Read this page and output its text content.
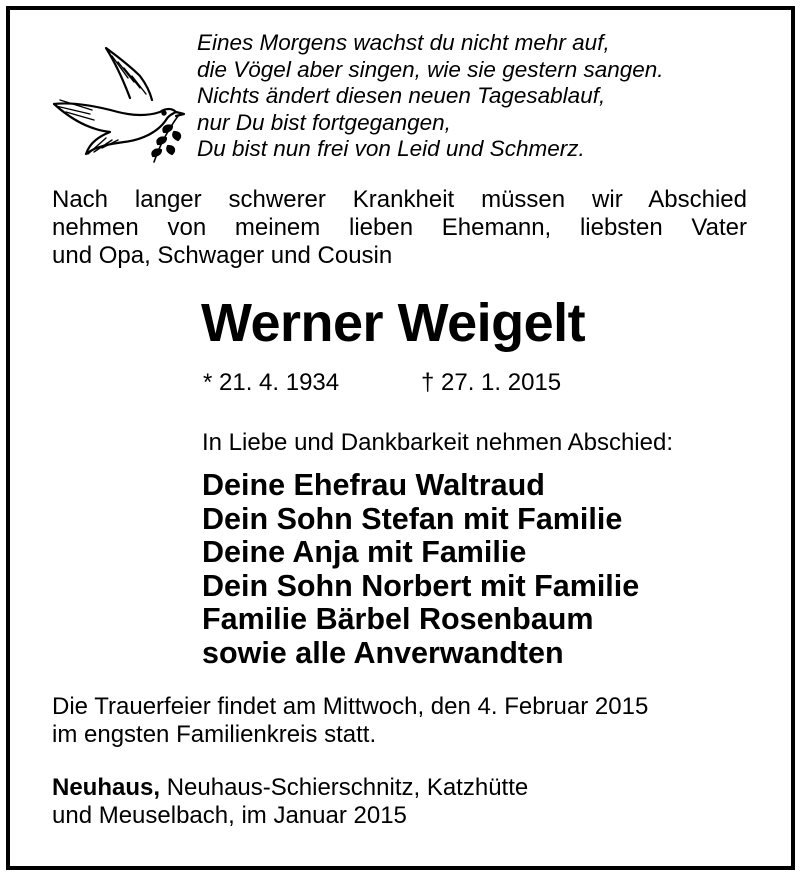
Eines Morgens wachst du nicht mehr auf,
die Vögel aber singen, wie sie gestern sangen.
Nichts ändert diesen neuen Tagesablauf,
nur Du bist fortgegangen,
Du bist nun frei von Leid und Schmerz.
Nach langer schwerer Krankheit müssen wir Abschied
nehmen von meinem lieben Ehemann, liebsten Vater
und Opa, Schwager und Cousin
Werner Weigelt
* 21. 4. 1934	† 27. 1. 2015
In Liebe und Dankbarkeit nehmen Abschied:
Deine Ehefrau Waltraud
Dein Sohn Stefan mit Familie
Deine Anja mit Familie
Dein Sohn Norbert mit Familie
Familie Bärbel Rosenbaum
sowie alle Anverwandten
Die Trauerfeier findet am Mittwoch, den 4. Februar 2015
im engsten Familienkreis statt.
Neuhaus, Neuhaus-Schierschnitz, Katzhütte
und Meuselbach, im Januar 2015
